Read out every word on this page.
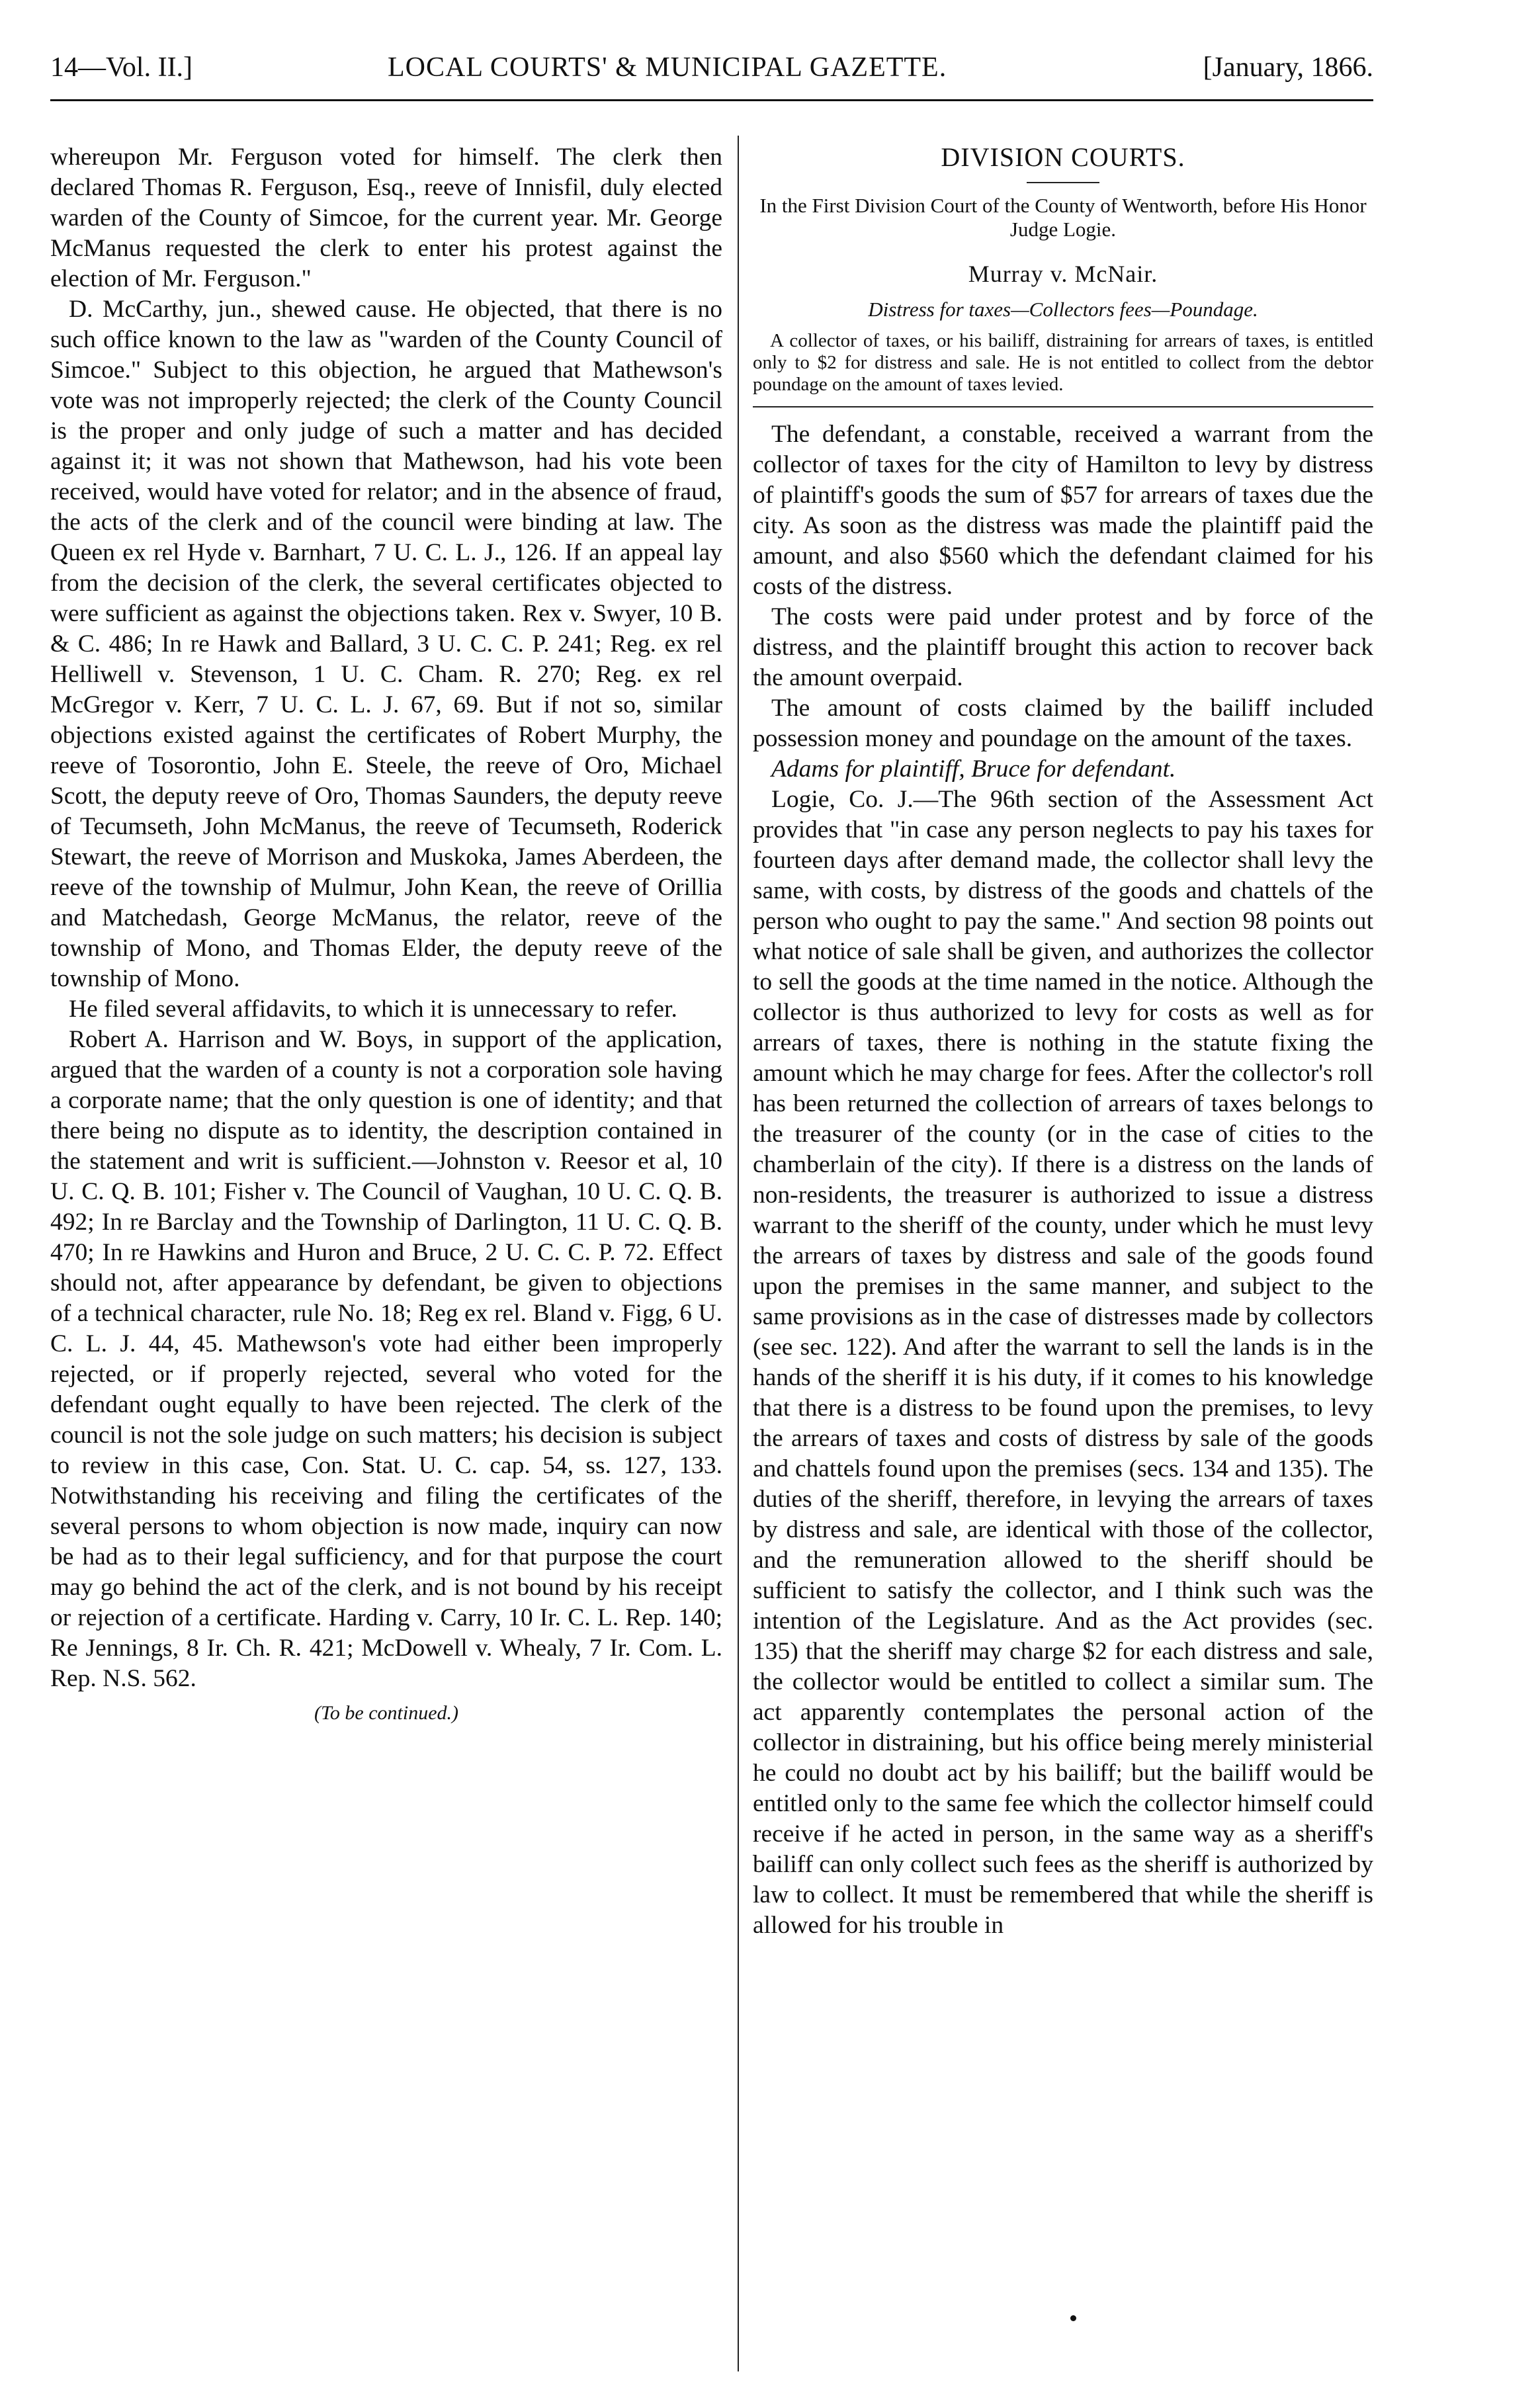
14—Vol. II.]	LOCAL COURTS' & MUNICIPAL GAZETTE.	[January, 1866.

whereupon Mr. Ferguson voted for himself. The clerk then declared Thomas R. Ferguson, Esq., reeve of Innisfil, duly elected warden of the County of Simcoe, for the current year. Mr. George McManus requested the clerk to enter his protest against the election of Mr. Ferguson."

D. McCarthy, jun., shewed cause. He objected, that there is no such office known to the law as "warden of the County Council of Simcoe." Subject to this objection, he argued that Mathewson's vote was not improperly rejected; the clerk of the County Council is the proper and only judge of such a matter and has decided against it; it was not shown that Mathewson, had his vote been received, would have voted for relator; and in the absence of fraud, the acts of the clerk and of the council were binding at law. The Queen ex rel Hyde v. Barnhart, 7 U. C. L. J., 126. If an appeal lay from the decision of the clerk, the several certificates objected to were sufficient as against the objections taken. Rex v. Swyer, 10 B. & C. 486; In re Hawk and Ballard, 3 U. C. C. P. 241; Reg. ex rel Helliwell v. Stevenson, 1 U. C. Cham. R. 270; Reg. ex rel McGregor v. Kerr, 7 U. C. L. J. 67, 69. But if not so, similar objections existed against the certificates of Robert Murphy, the reeve of Tosorontio, John E. Steele, the reeve of Oro, Michael Scott, the deputy reeve of Oro, Thomas Saunders, the deputy reeve of Tecumseth, John McManus, the reeve of Tecumseth, Roderick Stewart, the reeve of Morrison and Muskoka, James Aberdeen, the reeve of the township of Mulmur, John Kean, the reeve of Orillia and Matchedash, George McManus, the relator, reeve of the township of Mono, and Thomas Elder, the deputy reeve of the township of Mono.

He filed several affidavits, to which it is unnecessary to refer.

Robert A. Harrison and W. Boys, in support of the application, argued that the warden of a county is not a corporation sole having a corporate name; that the only question is one of identity; and that there being no dispute as to identity, the description contained in the statement and writ is sufficient.—Johnston v. Reesor et al, 10 U. C. Q. B. 101; Fisher v. The Council of Vaughan, 10 U. C. Q. B. 492; In re Barclay and the Township of Darlington, 11 U. C. Q. B. 470; In re Hawkins and Huron and Bruce, 2 U. C. C. P. 72. Effect should not, after appearance by defendant, be given to objections of a technical character, rule No. 18; Reg ex rel. Bland v. Figg, 6 U. C. L. J. 44, 45. Mathewson's vote had either been improperly rejected, or if properly rejected, several who voted for the defendant ought equally to have been rejected. The clerk of the council is not the sole judge on such matters; his decision is subject to review in this case, Con. Stat. U. C. cap. 54, ss. 127, 133. Notwithstanding his receiving and filing the certificates of the several persons to whom objection is now made, inquiry can now be had as to their legal sufficiency, and for that purpose the court may go behind the act of the clerk, and is not bound by his receipt or rejection of a certificate. Harding v. Carry, 10 Ir. C. L. Rep. 140; Re Jennings, 8 Ir. Ch. R. 421; McDowell v. Whealy, 7 Ir. Com. L. Rep. N.S. 562.

(To be continued.)
DIVISION COURTS.
In the First Division Court of the County of Wentworth, before His Honor Judge Logie.
Murray v. McNair.
Distress for taxes—Collectors fees—Poundage.
A collector of taxes, or his bailiff, distraining for arrears of taxes, is entitled only to $2 for distress and sale. He is not entitled to collect from the debtor poundage on the amount of taxes levied.

The defendant, a constable, received a warrant from the collector of taxes for the city of Hamilton to levy by distress of plaintiff's goods the sum of $57 for arrears of taxes due the city. As soon as the distress was made the plaintiff paid the amount, and also $560 which the defendant claimed for his costs of the distress.

The costs were paid under protest and by force of the distress, and the plaintiff brought this action to recover back the amount overpaid.

The amount of costs claimed by the bailiff included possession money and poundage on the amount of the taxes.

Adams for plaintiff, Bruce for defendant.

Logie, Co. J.—The 96th section of the Assessment Act provides that "in case any person neglects to pay his taxes for fourteen days after demand made, the collector shall levy the same, with costs, by distress of the goods and chattels of the person who ought to pay the same." And section 98 points out what notice of sale shall be given, and authorizes the collector to sell the goods at the time named in the notice. Although the collector is thus authorized to levy for costs as well as for arrears of taxes, there is nothing in the statute fixing the amount which he may charge for fees. After the collector's roll has been returned the collection of arrears of taxes belongs to the treasurer of the county (or in the case of cities to the chamberlain of the city). If there is a distress on the lands of non-residents, the treasurer is authorized to issue a distress warrant to the sheriff of the county, under which he must levy the arrears of taxes by distress and sale of the goods found upon the premises in the same manner, and subject to the same provisions as in the case of distresses made by collectors (see sec. 122). And after the warrant to sell the lands is in the hands of the sheriff it is his duty, if it comes to his knowledge that there is a distress to be found upon the premises, to levy the arrears of taxes and costs of distress by sale of the goods and chattels found upon the premises (secs. 134 and 135). The duties of the sheriff, therefore, in levying the arrears of taxes by distress and sale, are identical with those of the collector, and the remuneration allowed to the sheriff should be sufficient to satisfy the collector, and I think such was the intention of the Legislature. And as the Act provides (sec. 135) that the sheriff may charge $2 for each distress and sale, the collector would be entitled to collect a similar sum. The act apparently contemplates the personal action of the collector in distraining, but his office being merely ministerial he could no doubt act by his bailiff; but the bailiff would be entitled only to the same fee which the collector himself could receive if he acted in person, in the same way as a sheriff's bailiff can only collect such fees as the sheriff is authorized by law to collect. It must be remembered that while the sheriff is allowed for his trouble in
